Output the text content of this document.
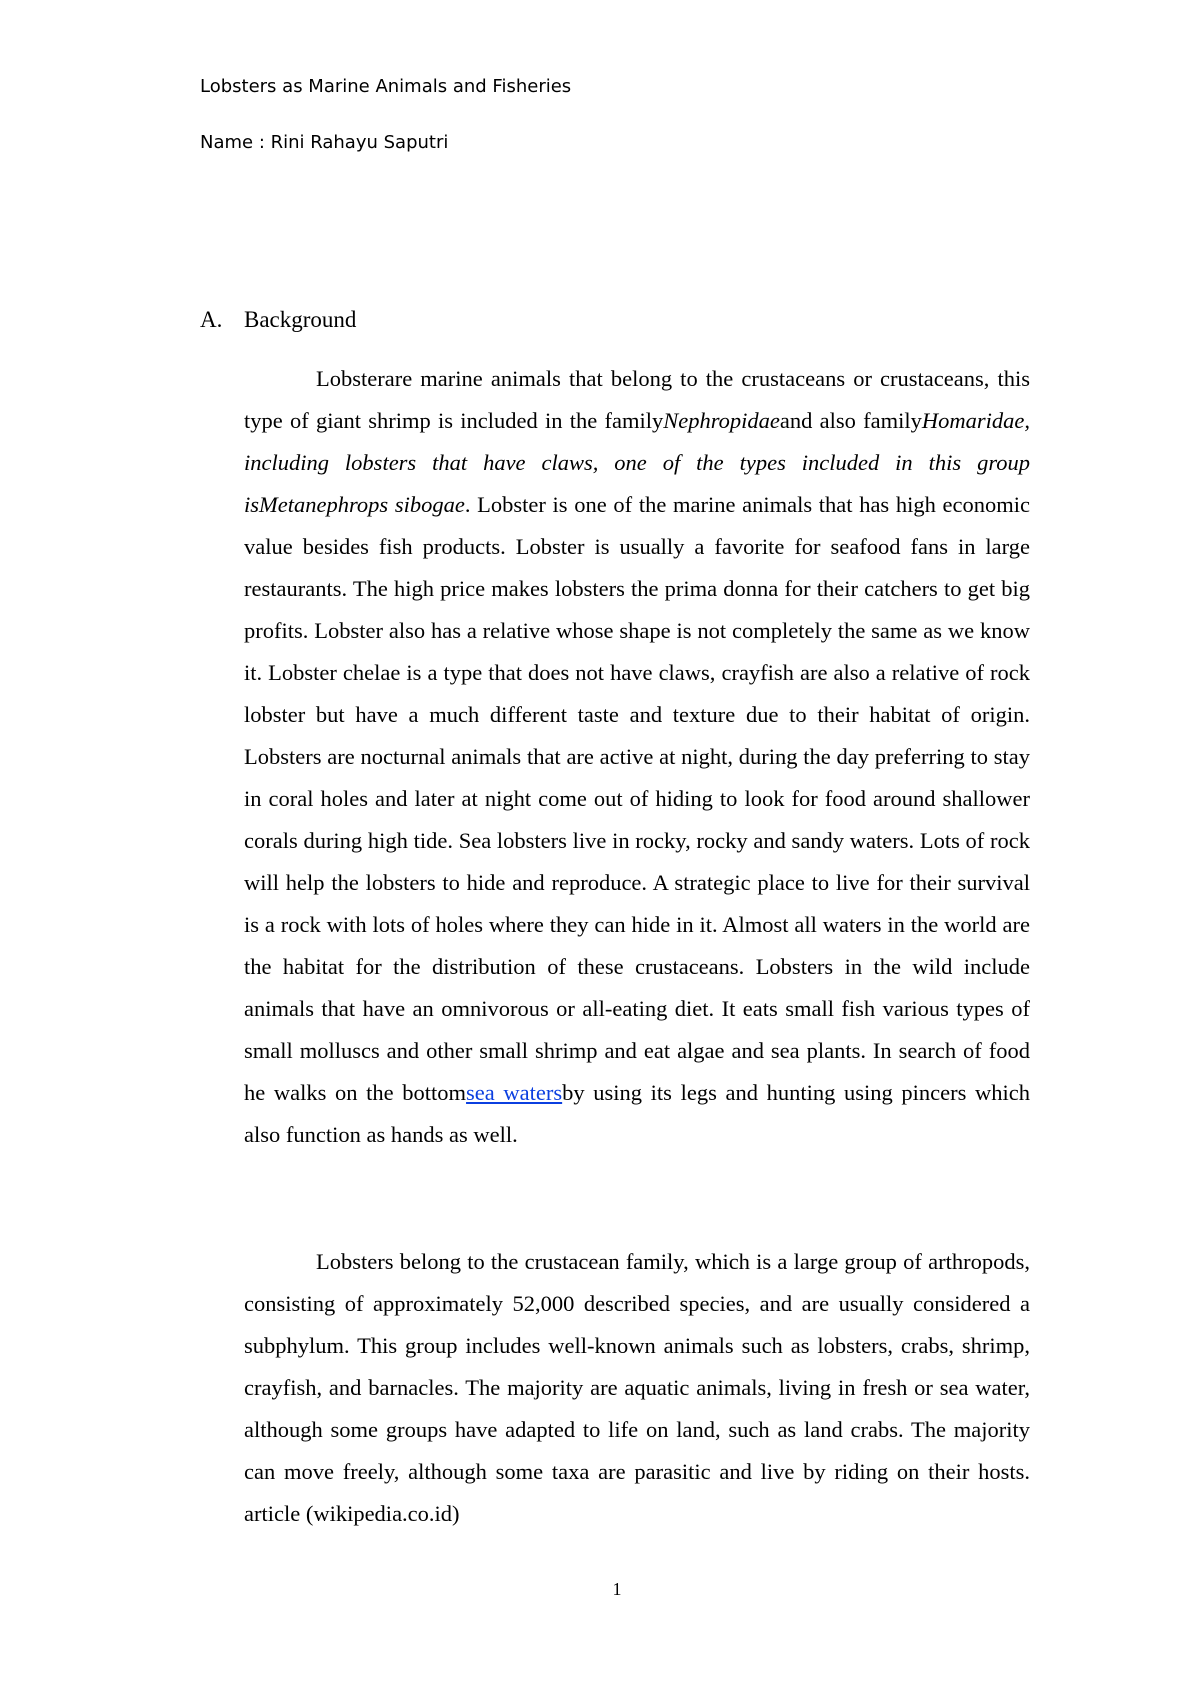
Lobsters as Marine Animals and Fisheries

Name : Rini Rahayu Saputri

A. Background

Lobsterare marine animals that belong to the crustaceans or crustaceans, this type of giant shrimp is included in the familyNephropidaeand also familyHomaridae, including lobsters that have claws, one of the types included in this group isMetanephrops sibogae. Lobster is one of the marine animals that has high economic value besides fish products. Lobster is usually a favorite for seafood fans in large restaurants. The high price makes lobsters the prima donna for their catchers to get big profits. Lobster also has a relative whose shape is not completely the same as we know it. Lobster chelae is a type that does not have claws, crayfish are also a relative of rock lobster but have a much different taste and texture due to their habitat of origin. Lobsters are nocturnal animals that are active at night, during the day preferring to stay in coral holes and later at night come out of hiding to look for food around shallower corals during high tide. Sea lobsters live in rocky, rocky and sandy waters. Lots of rock will help the lobsters to hide and reproduce. A strategic place to live for their survival is a rock with lots of holes where they can hide in it. Almost all waters in the world are the habitat for the distribution of these crustaceans. Lobsters in the wild include animals that have an omnivorous or all-eating diet. It eats small fish various types of small molluscs and other small shrimp and eat algae and sea plants. In search of food he walks on the bottomsea watersby using its legs and hunting using pincers which also function as hands as well.

Lobsters belong to the crustacean family, which is a large group of arthropods, consisting of approximately 52,000 described species, and are usually considered a subphylum. This group includes well-known animals such as lobsters, crabs, shrimp, crayfish, and barnacles. The majority are aquatic animals, living in fresh or sea water, although some groups have adapted to life on land, such as land crabs. The majority can move freely, although some taxa are parasitic and live by riding on their hosts. article (wikipedia.co.id)

1
